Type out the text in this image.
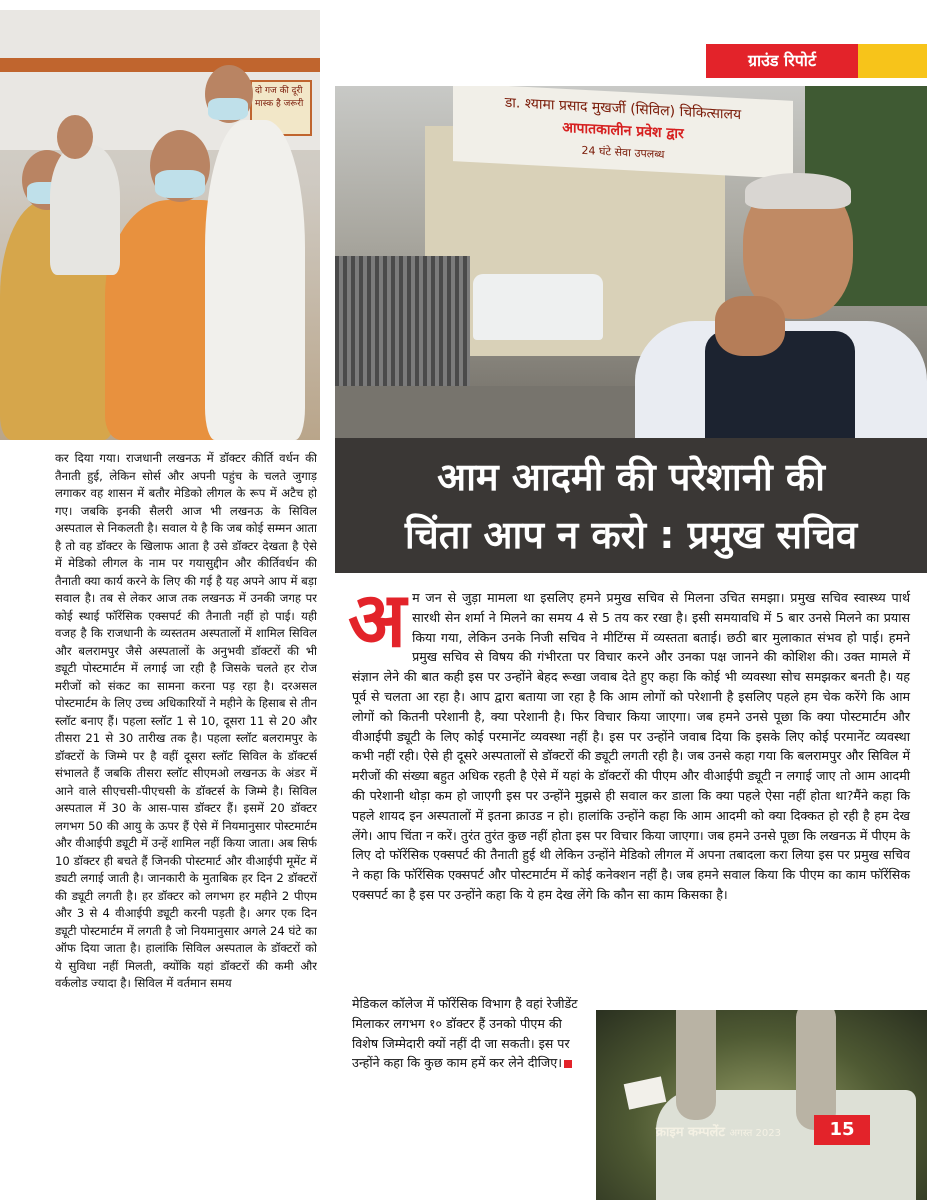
दो गज की दूरी मास्क है जरूरी
ग्राउंड रिपोर्ट
डा. श्यामा प्रसाद मुखर्जी (सिविल) चिकित्सालय
आपातकालीन प्रवेश द्वार
24 घंटे सेवा उपलब्ध

कर दिया गया। राजधानी लखनऊ में डॉक्टर कीर्ति वर्धन की तैनाती हुई, लेकिन सोर्स और अपनी पहुंच के चलते जुगाड़ लगाकर वह शासन में बतौर मेडिको लीगल के रूप में अटैच हो गए। जबकि इनकी सैलरी आज भी लखनऊ के सिविल अस्पताल से निकलती है। सवाल ये है कि जब कोई सम्मन आता है तो वह डॉक्टर के खिलाफ आता है उसे डॉक्टर देखता है ऐसे में मेडिको लीगल के नाम पर गयासुद्दीन और कीर्तिवर्धन की तैनाती क्या कार्य करने के लिए की गई है यह अपने आप में बड़ा सवाल है। तब से लेकर आज तक लखनऊ में उनकी जगह पर कोई स्थाई फॉरेंसिक एक्सपर्ट की तैनाती नहीं हो पाई। यही वजह है कि राजधानी के व्यस्ततम अस्पतालों में शामिल सिविल और बलरामपुर जैसे अस्पतालों के अनुभवी डॉक्टरों की भी ड्यूटी पोस्टमार्टम में लगाई जा रही है जिसके चलते हर रोज मरीजों को संकट का सामना करना पड़ रहा है। दरअसल पोस्टमार्टम के लिए उच्च अधिकारियों ने महीने के हिसाब से तीन स्लॉट बनाए हैं। पहला स्लॉट 1 से 10, दूसरा 11 से 20 और तीसरा 21 से 30 तारीख तक है। पहला स्लॉट बलरामपुर के डॉक्टरों के जिम्मे पर है वहीं दूसरा स्लॉट सिविल के डॉक्टर्स संभालते हैं जबकि तीसरा स्लॉट सीएमओ लखनऊ के अंडर में आने वाले सीएचसी-पीएचसी के डॉक्टर्स के जिम्मे है। सिविल अस्पताल में 30 के आस-पास डॉक्टर हैं। इसमें 20 डॉक्टर लगभग 50 की आयु के ऊपर हैं ऐसे में नियमानुसार पोस्टमार्टम और वीआईपी ड्यूटी में उन्हें शामिल नहीं किया जाता। अब सिर्फ 10 डॉक्टर ही बचते हैं जिनकी पोस्टमार्ट और वीआईपी मूमेंट में ड्यटी लगाई जाती है। जानकारी के मुताबिक हर दिन 2 डॉक्टरों की ड्यूटी लगती है। हर डॉक्टर को लगभग हर महीने 2 पीएम और 3 से 4 वीआईपी ड्यूटी करनी पड़ती है। अगर एक दिन ड्यूटी पोस्टमार्टम में लगती है जो नियमानुसार अगले 24 घंटे का ऑफ दिया जाता है। हालांकि सिविल अस्पताल के डॉक्टरों को ये सुविधा नहीं मिलती, क्योंकि यहां डॉक्टरों की कमी और वर्कलोड ज्यादा है। सिविल में वर्तमान समय

आम आदमी की परेशानी की
चिंता आप न करो : प्रमुख सचिव

अम जन से जुड़ा मामला था इसलिए हमने प्रमुख सचिव से मिलना उचित समझा। प्रमुख सचिव स्वास्थ्य पार्थ सारथी सेन शर्मा ने मिलने का समय 4 से 5 तय कर रखा है। इसी समयावधि में 5 बार उनसे मिलने का प्रयास किया गया, लेकिन उनके निजी सचिव ने मीटिंग्स में व्यस्तता बताई। छठी बार मुलाकात संभव हो पाई। हमने प्रमुख सचिव से विषय की गंभीरता पर विचार करने और उनका पक्ष जानने की कोशिश की। उक्त मामले में संज्ञान लेने की बात कही इस पर उन्होंने बेहद रूखा जवाब देते हुए कहा कि कोई भी व्यवस्था सोच समझकर बनती है। यह पूर्व से चलता आ रहा है। आप द्वारा बताया जा रहा है कि आम लोगों को परेशानी है इसलिए पहले हम चेक करेंगे कि आम लोगों को कितनी परेशानी है, क्या परेशानी है। फिर विचार किया जाएगा। जब हमने उनसे पूछा कि क्या पोस्टमार्टम और वीआईपी ड्यूटी के लिए कोई परमानेंट व्यवस्था नहीं है। इस पर उन्होंने जवाब दिया कि इसके लिए कोई परमानेंट व्यवस्था कभी नहीं रही। ऐसे ही दूसरे अस्पतालों से डॉक्टरों की ड्यूटी लगती रही है। जब उनसे कहा गया कि बलरामपुर और सिविल में मरीजों की संख्या बहुत अधिक रहती है ऐसे में यहां के डॉक्टरों की पीएम और वीआईपी ड्यूटी न लगाई जाए तो आम आदमी की परेशानी थोड़ा कम हो जाएगी इस पर उन्होंने मुझसे ही सवाल कर डाला कि क्या पहले ऐसा नहीं होता था?मैंने कहा कि पहले शायद इन अस्पतालों में इतना क्राउड न हो। हालांकि उन्होंने कहा कि आम आदमी को क्या दिक्कत हो रही है हम देख लेंगे। आप चिंता न करें। तुरंत तुरंत कुछ नहीं होता इस पर विचार किया जाएगा। जब हमने उनसे पूछा कि लखनऊ में पीएम के लिए दो फॉरेंसिक एक्सपर्ट की तैनाती हुई थी लेकिन उन्होंने मेडिको लीगल में अपना तबादला करा लिया इस पर प्रमुख सचिव ने कहा कि फॉरेंसिक एक्सपर्ट और पोस्टमार्टम में कोई कनेक्शन नहीं है। जब हमने सवाल किया कि पीएम का काम फॉरेंसिक एक्सपर्ट का है इस पर उन्होंने कहा कि ये हम देख लेंगे कि कौन सा काम किसका है।

मेडिकल कॉलेज में फॉरेंसिक विभाग है वहां रेजीडेंट मिलाकर लगभग १० डॉक्टर हैं उनको पीएम की विशेष जिम्मेदारी क्यों नहीं दी जा सकती। इस पर उन्होंने कहा कि कुछ काम हमें कर लेने दीजिए।

क्राइम कम्पलेंट अगस्त 2023	15
